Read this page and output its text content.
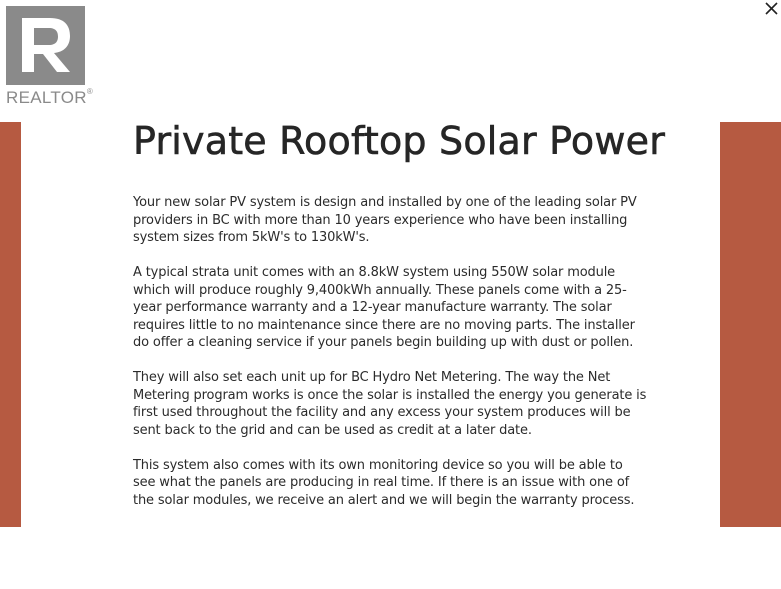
REALTOR®
Private Rooftop Solar Power

Your new solar PV system is design and installed by one of the leading solar PV providers in BC with more than 10 years experience who have been installing system sizes from 5kW's to 130kW's.

A typical strata unit comes with an 8.8kW system using 550W solar module which will produce roughly 9,400kWh annually. These panels come with a 25-year performance warranty and a 12-year manufacture warranty. The solar requires little to no maintenance since there are no moving parts. The installer do offer a cleaning service if your panels begin building up with dust or pollen.

They will also set each unit up for BC Hydro Net Metering. The way the Net Metering program works is once the solar is installed the energy you generate is first used throughout the facility and any excess your system produces will be sent back to the grid and can be used as credit at a later date.

This system also comes with its own monitoring device so you will be able to see what the panels are producing in real time. If there is an issue with one of the solar modules, we receive an alert and we will begin the warranty process.
